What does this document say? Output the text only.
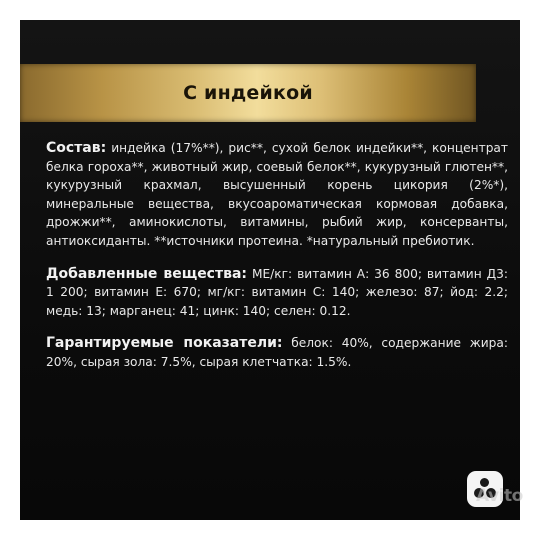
С индейкой
Состав: индейка (17%**), рис**, сухой белок индейки**, концентрат белка гороха**, животный жир, соевый белок**, кукурузный глютен**, кукурузный крахмал, высушенный корень цикория (2%*), минеральные вещества, вкусоароматическая кормовая добавка, дрожжи**, аминокислоты, витамины, рыбий жир, консерванты, антиоксиданты. **источники протеина. *натуральный пребиотик.
Добавленные вещества: МЕ/кг: витамин А: 36 800; витамин Д3: 1 200; витамин Е: 670; мг/кг: витамин С: 140; железо: 87; йод: 2.2; медь: 13; марганец: 41; цинк: 140; селен: 0.12.
Гарантируемые показатели: белок: 40%, содержание жира: 20%, сырая зола: 7.5%, сырая клетчатка: 1.5%.
Avito
